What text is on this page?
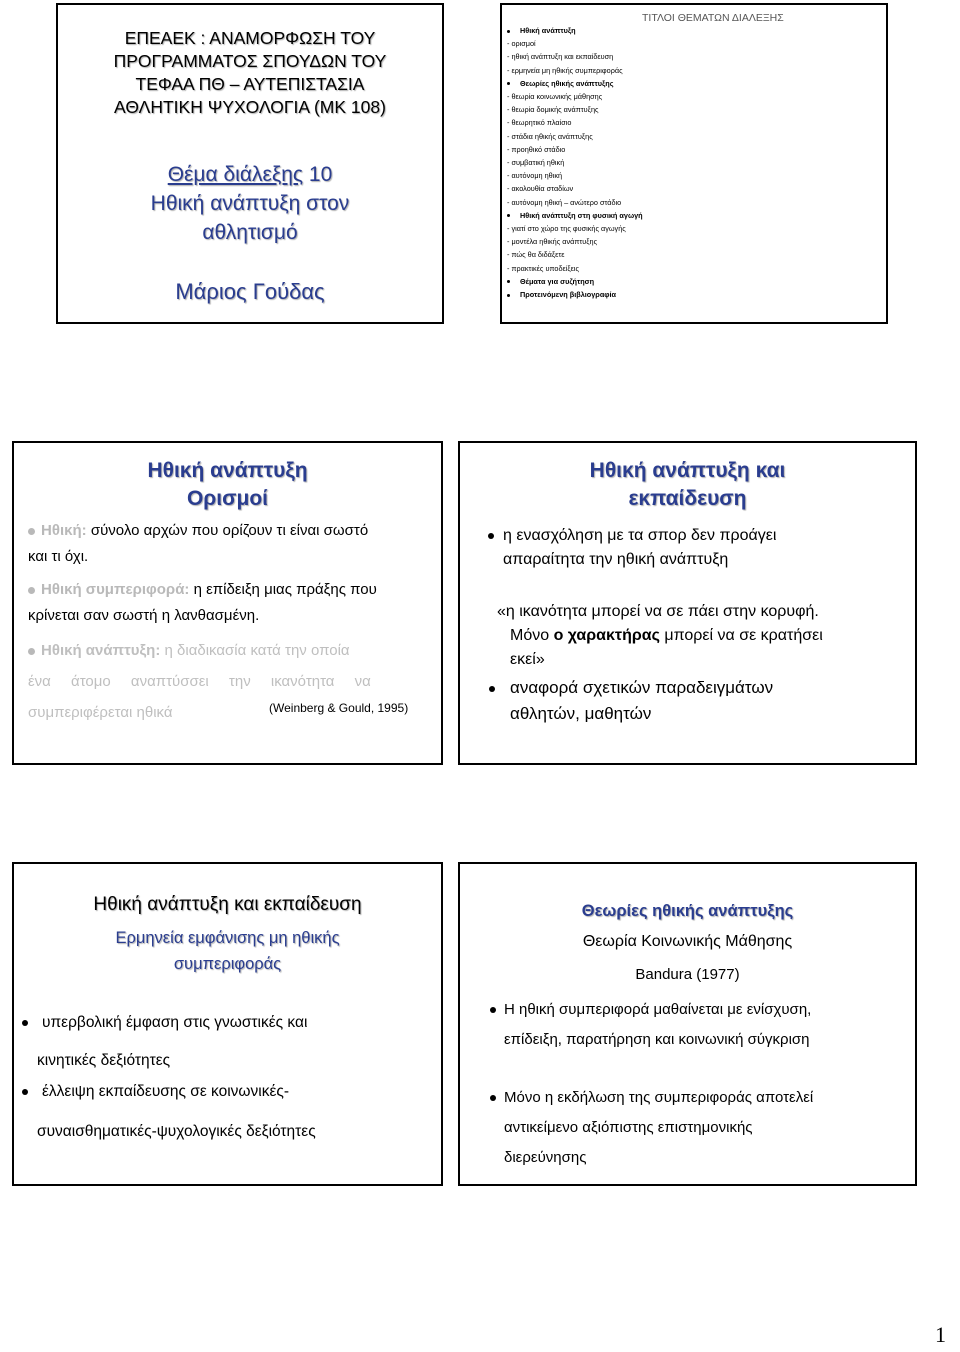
ΕΠΕΑΕΚ : ΑΝΑΜΟΡΦΩΣΗ ΤΟΥ
ΠΡΟΓΡΑΜΜΑΤΟΣ ΣΠΟΥΔΩΝ ΤΟΥ
ΤΕΦΑΑ ΠΘ – ΑΥΤΕΠΙΣΤΑΣΙΑ
ΑΘΛΗΤΙΚΗ ΨΥΧΟΛΟΓΙΑ (ΜΚ 108)
Θέμα διάλεξης 10
Ηθική ανάπτυξη στον
αθλητισμό
Μάριος Γούδας
ΤΙΤΛΟΙ ΘΕΜΑΤΩΝ ΔΙΑΛΕΞΗΣ
Ηθική ανάπτυξη
- ορισμοί
- ηθική ανάπτυξη και εκπαίδευση
- ερμηνεία μη ηθικής συμπεριφοράς
Θεωρίες ηθικής ανάπτυξης
- θεωρία κοινωνικής μάθησης
- θεωρία δομικής ανάπτυξης
- θεωρητικό πλαίσιο
- στάδια ηθικής ανάπτυξης
- προηθικό στάδιο
- συμβατική ηθική
- αυτόνομη ηθική
- ακολουθία σταδίων
- αυτόνομη ηθική – ανώτερο στάδιο
Ηθική ανάπτυξη στη φυσική αγωγή
- γιατί στο χώρο της φυσικής αγωγής
- μοντέλα ηθικής ανάπτυξης
- πώς θα διδάξετε
- πρακτικές υποδείξεις
Θέματα για συζήτηση
Προτεινόμενη βιβλιογραφία
Ηθική ανάπτυξη
Ορισμοί
Ηθική: σύνολο αρχών που ορίζουν τι είναι σωστό
και τι όχι.
Ηθική συμπεριφορά: η επίδειξη μιας πράξης που
κρίνεται σαν σωστή η λανθασμένη.
Ηθική ανάπτυξη: η διαδικασία κατά την οποία
ένα άτομο αναπτύσσει την ικανότητα να
συμπεριφέρεται ηθικά	(Weinberg & Gould, 1995)
Ηθική ανάπτυξη και
εκπαίδευση
η ενασχόληση με τα σπορ δεν προάγει
απαραίτητα την ηθική ανάπτυξη
«η ικανότητα μπορεί να σε πάει στην κορυφή.
Μόνο ο χαρακτήρας μπορεί να σε κρατήσει
εκεί»
αναφορά σχετικών παραδειγμάτων
αθλητών, μαθητών
Ηθική ανάπτυξη και εκπαίδευση
Ερμηνεία εμφάνισης μη ηθικής
συμπεριφοράς
υπερβολική έμφαση στις γνωστικές και
κινητικές δεξιότητες
έλλειψη εκπαίδευσης σε κοινωνικές-
συναισθηματικές-ψυχολογικές δεξιότητες
Θεωρίες ηθικής ανάπτυξης
Θεωρία Κοινωνικής Μάθησης
Bandura (1977)
Η ηθική συμπεριφορά μαθαίνεται με ενίσχυση,
επίδειξη, παρατήρηση και κοινωνική σύγκριση
Μόνο η εκδήλωση της συμπεριφοράς αποτελεί
αντικείμενο αξιόπιστης επιστημονικής
διερεύνησης
1
